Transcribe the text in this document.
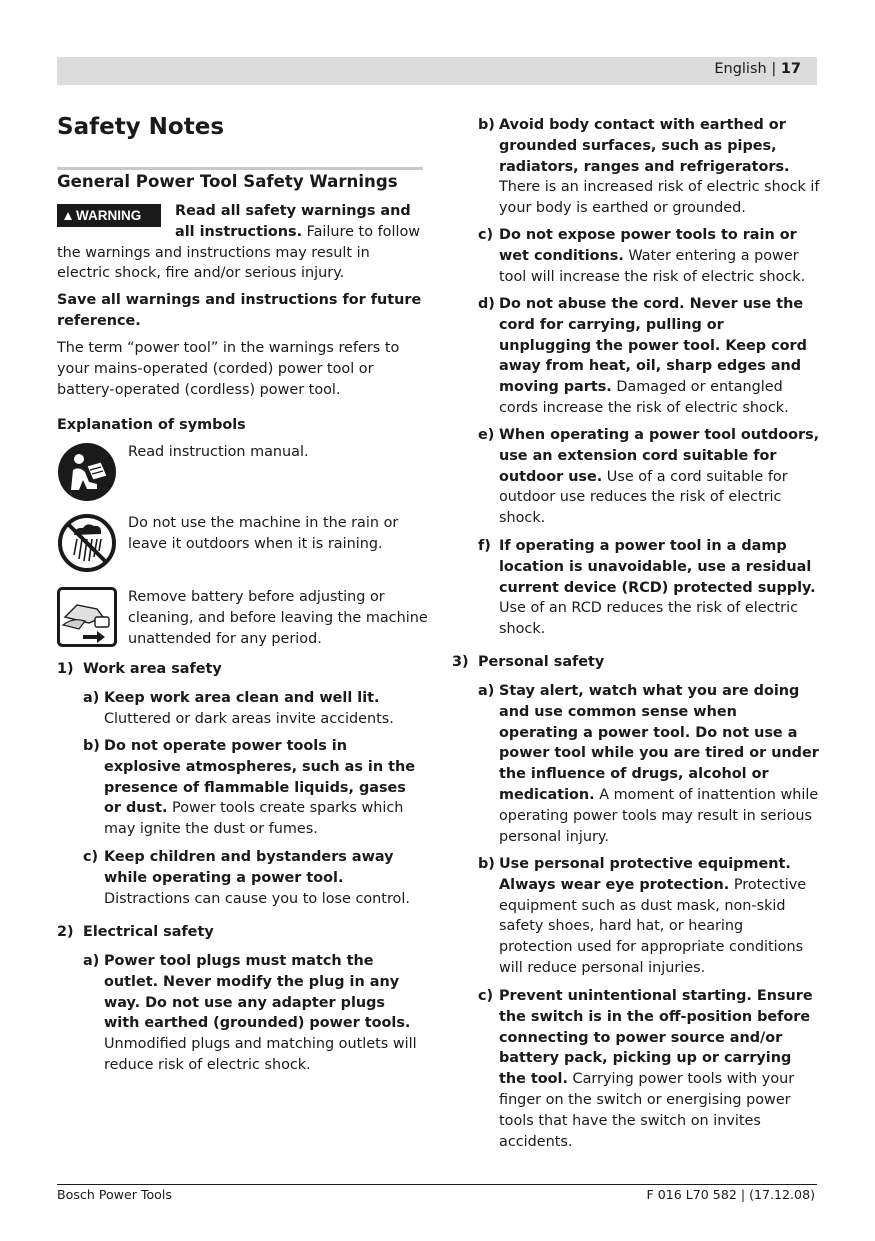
English | 17
Safety Notes
General Power Tool Safety Warnings
▲WARNING	Read all safety warnings and all instructions. Failure to follow the warnings and instructions may result in electric shock, fire and/or serious injury.
Save all warnings and instructions for future reference.
The term “power tool” in the warnings refers to your mains-operated (corded) power tool or battery-operated (cordless) power tool.
Explanation of symbols
Read instruction manual.
Do not use the machine in the rain or leave it outdoors when it is raining.
Remove battery before adjusting or cleaning, and before leaving the machine unattended for any period.
1) Work area safety
a) Keep work area clean and well lit. Cluttered or dark areas invite accidents.
b) Do not operate power tools in explosive atmospheres, such as in the presence of flammable liquids, gases or dust. Power tools create sparks which may ignite the dust or fumes.
c) Keep children and bystanders away while operating a power tool. Distractions can cause you to lose control.
2) Electrical safety
a) Power tool plugs must match the outlet. Never modify the plug in any way. Do not use any adapter plugs with earthed (grounded) power tools. Unmodified plugs and matching outlets will reduce risk of electric shock.
b) Avoid body contact with earthed or grounded surfaces, such as pipes, radiators, ranges and refrigerators. There is an increased risk of electric shock if your body is earthed or grounded.
c) Do not expose power tools to rain or wet conditions. Water entering a power tool will increase the risk of electric shock.
d) Do not abuse the cord. Never use the cord for carrying, pulling or unplugging the power tool. Keep cord away from heat, oil, sharp edges and moving parts. Damaged or entangled cords increase the risk of electric shock.
e) When operating a power tool outdoors, use an extension cord suitable for outdoor use. Use of a cord suitable for outdoor use reduces the risk of electric shock.
f) If operating a power tool in a damp location is unavoidable, use a residual current device (RCD) protected supply. Use of an RCD reduces the risk of electric shock.
3) Personal safety
a) Stay alert, watch what you are doing and use common sense when operating a power tool. Do not use a power tool while you are tired or under the influence of drugs, alcohol or medication. A moment of inattention while operating power tools may result in serious personal injury.
b) Use personal protective equipment. Always wear eye protection. Protective equipment such as dust mask, non-skid safety shoes, hard hat, or hearing protection used for appropriate conditions will reduce personal injuries.
c) Prevent unintentional starting. Ensure the switch is in the off-position before connecting to power source and/or battery pack, picking up or carrying the tool. Carrying power tools with your finger on the switch or energising power tools that have the switch on invites accidents.
Bosch Power Tools	F 016 L70 582 | (17.12.08)
